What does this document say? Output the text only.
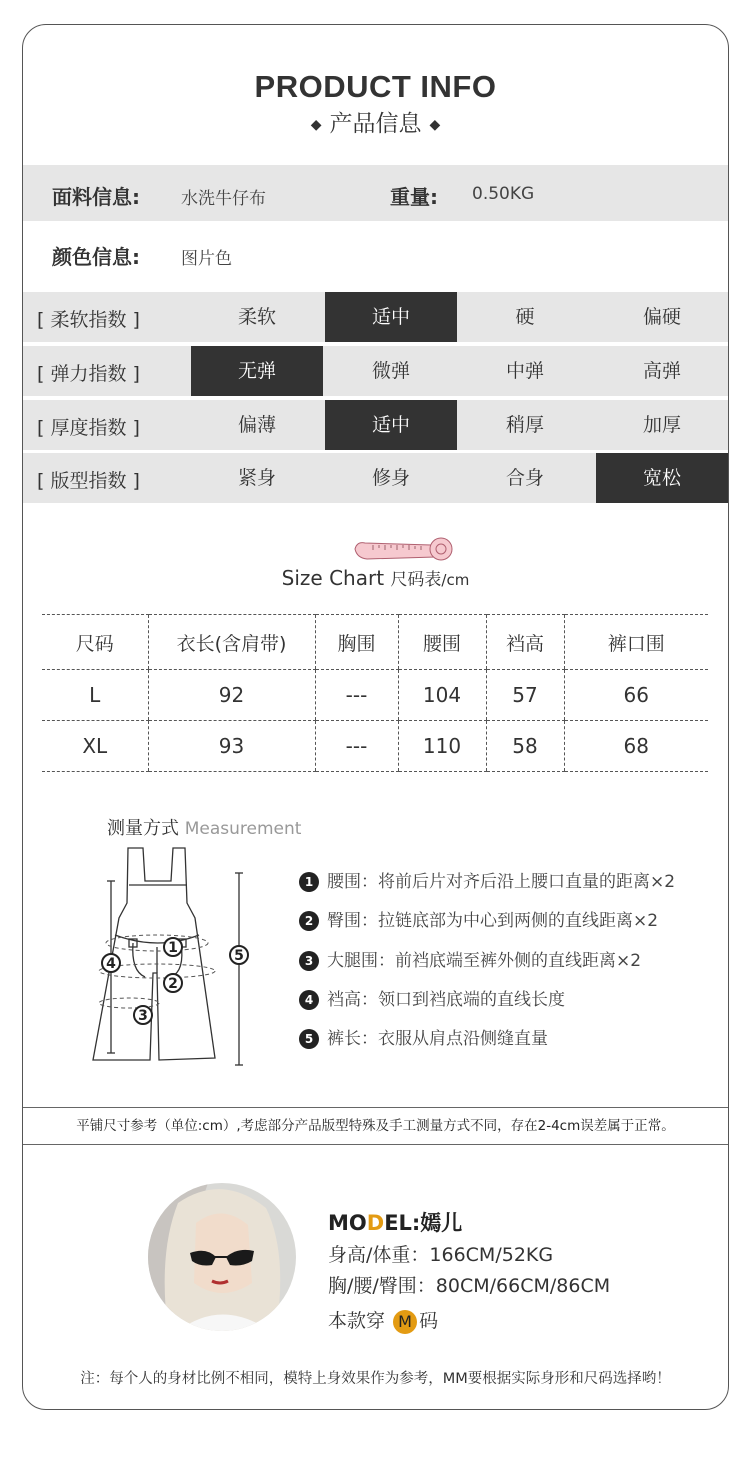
PRODUCT INFO
◆ 产品信息 ◆
面料信息: 水洗牛仔布	重量: 0.50KG
颜色信息: 图片色
[ 柔软指数 ]	柔软	适中	硬	偏硬
[ 弹力指数 ]	无弹	微弹	中弹	高弹
[ 厚度指数 ]	偏薄	适中	稍厚	加厚
[ 版型指数 ]	紧身	修身	合身	宽松
Size Chart 尺码表/cm
尺码	衣长(含肩带)	胸围	腰围	裆高	裤口围
L	92	---	104	57	66
XL	93	---	110	58	68
测量方式 Measurement
1
2
3
4	5
1 腰围：将前后片对齐后沿上腰口直量的距离×2
2 臀围：拉链底部为中心到两侧的直线距离×2
3 大腿围：前裆底端至裤外侧的直线距离×2
4 裆高：领口到裆底端的直线长度
5 裤长：衣服从肩点沿侧缝直量
平铺尺寸参考（单位:cm）,考虑部分产品版型特殊及手工测量方式不同，存在2-4cm误差属于正常。
MODEL:嫣儿
身高/体重：166CM/52KG
胸/腰/臀围：80CM/66CM/86CM
本款穿 M 码
注：每个人的身材比例不相同，模特上身效果作为参考，MM要根据实际身形和尺码选择哟！
